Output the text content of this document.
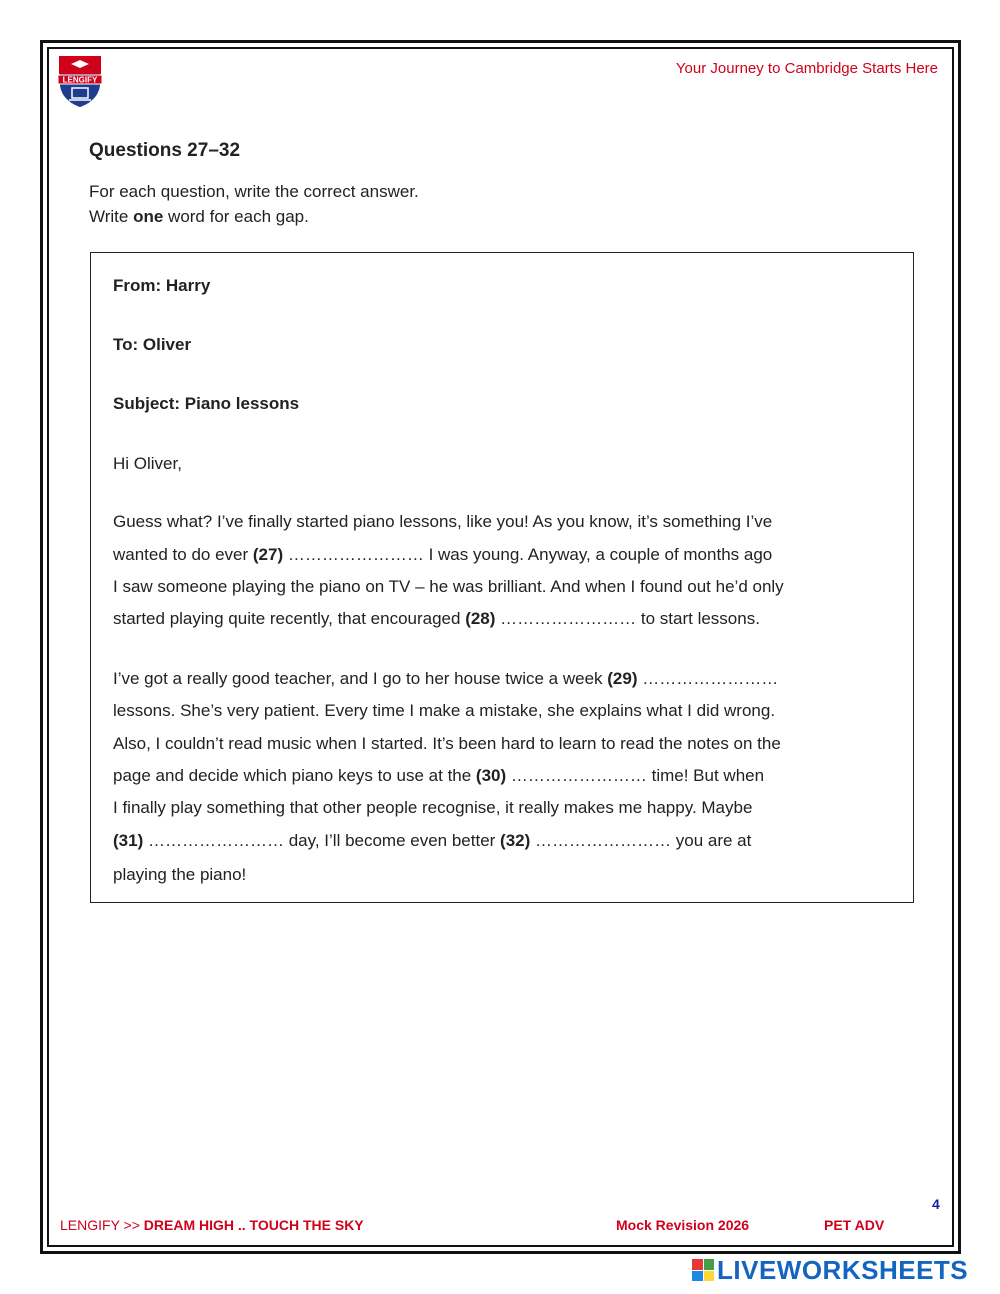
LENGIFY
Your Journey to Cambridge Starts Here
Questions 27–32
For each question, write the correct answer.
Write one word for each gap.
From: Harry
To: Oliver
Subject: Piano lessons
Hi Oliver,
Guess what? I’ve finally started piano lessons, like you! As you know, it’s something I’ve
wanted to do ever (27) …………………… I was young. Anyway, a couple of months ago
I saw someone playing the piano on TV – he was brilliant. And when I found out he’d only
started playing quite recently, that encouraged (28) …………………… to start lessons.
I’ve got a really good teacher, and I go to her house twice a week (29) ……………………
lessons. She’s very patient. Every time I make a mistake, she explains what I did wrong.
Also, I couldn’t read music when I started. It’s been hard to learn to read the notes on the
page and decide which piano keys to use at the (30) …………………… time! But when
I finally play something that other people recognise, it really makes me happy. Maybe
(31) …………………… day, I’ll become even better (32) …………………… you are at
playing the piano!
4
LENGIFY >> DREAM HIGH .. TOUCH THE SKY	Mock Revision 2026	PET ADV
LIVEWORKSHEETS
